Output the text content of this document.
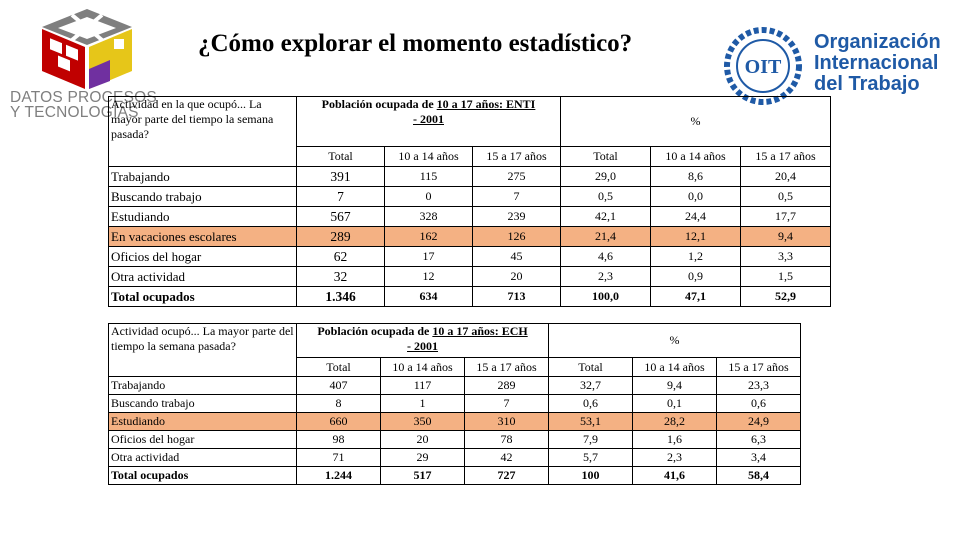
DATOS PROCESOS
Y TECNOLOGÍAS
¿Cómo explorar el momento estadístico?
OIT
Organización
Internacional
del Trabajo
Actividad en la que ocupó... La mayor parte del tiempo la semana pasada?	Población ocupada de 10 a 17 años: ENTI
- 2001			%		
	Total	10 a 14 años	15 a 17 años	Total	10 a 14 años	15 a 17 años
Trabajando	391	115	275	29,0	8,6	20,4
Buscando trabajo	7	0	7	0,5	0,0	0,5
Estudiando	567	328	239	42,1	24,4	17,7
En vacaciones escolares	289	162	126	21,4	12,1	9,4
Oficios del hogar	62	17	45	4,6	1,2	3,3
Otra actividad	32	12	20	2,3	0,9	1,5
Total ocupados	1.346	634	713	100,0	47,1	52,9
Actividad ocupó... La mayor parte del tiempo la semana pasada?	Población ocupada de 10 a 17 años: ECH
- 2001			%		
	Total	10 a 14 años	15 a 17 años	Total	10 a 14 años	15 a 17 años
Trabajando	407	117	289	32,7	9,4	23,3
Buscando trabajo	8	1	7	0,6	0,1	0,6
Estudiando	660	350	310	53,1	28,2	24,9
Oficios del hogar	98	20	78	7,9	1,6	6,3
Otra actividad	71	29	42	5,7	2,3	3,4
Total ocupados	1.244	517	727	100	41,6	58,4
